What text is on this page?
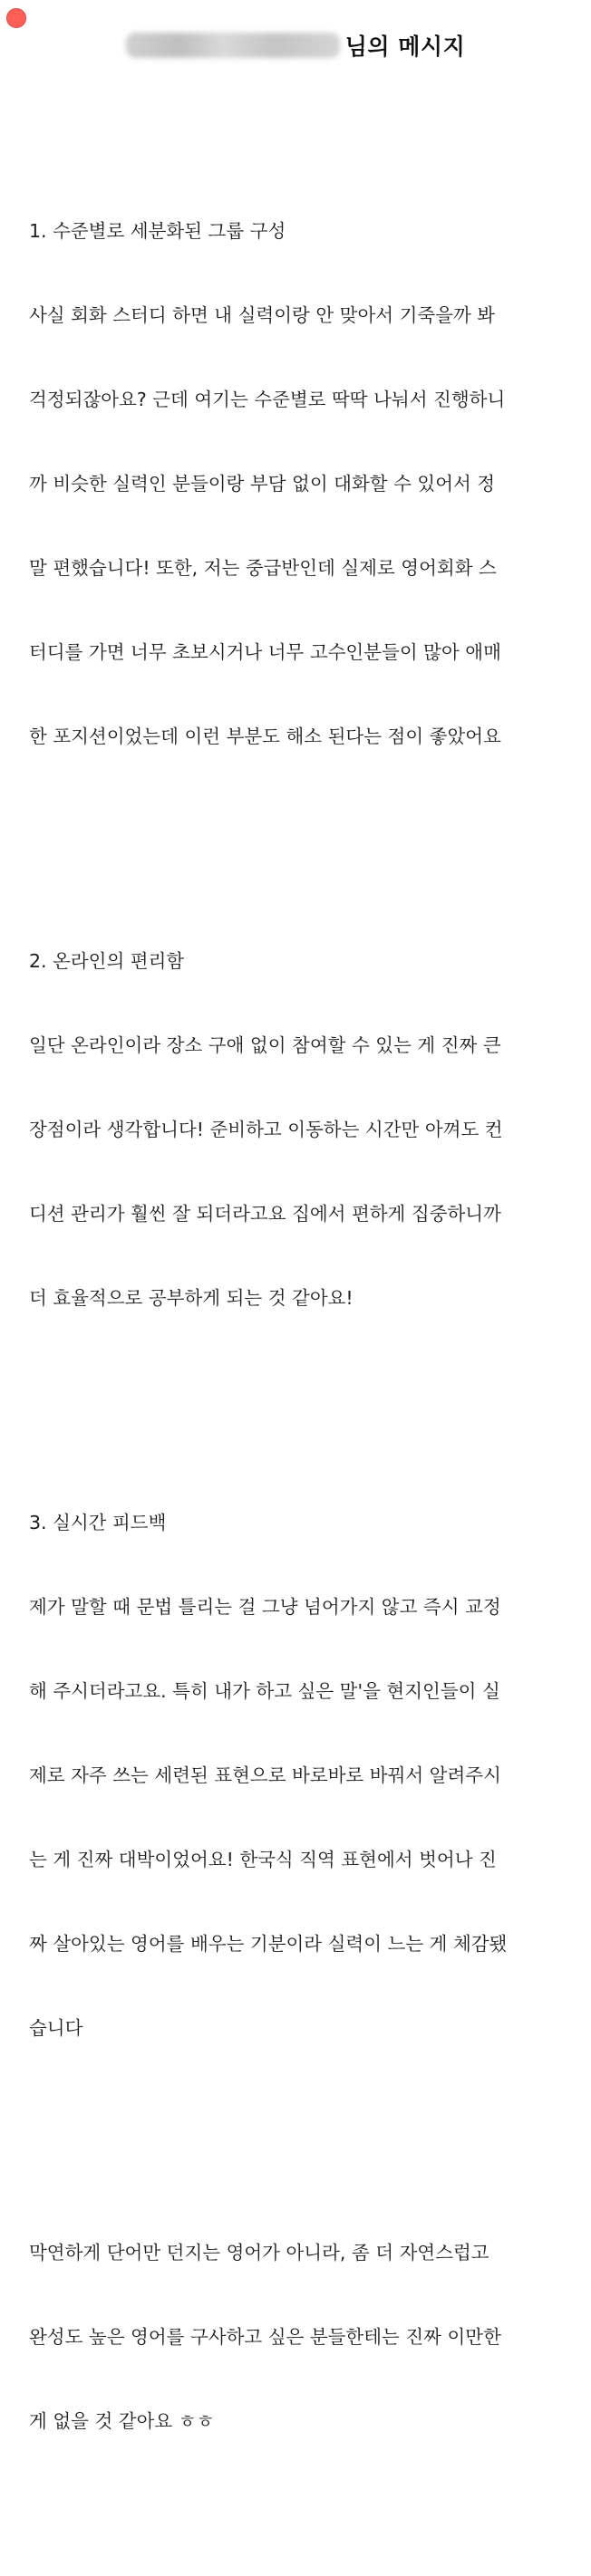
님의 메시지

1. 수준별로 세분화된 그룹 구성

사실 회화 스터디 하면 내 실력이랑 안 맞아서 기죽을까 봐

걱정되잖아요? 근데 여기는 수준별로 딱딱 나눠서 진행하니

까 비슷한 실력인 분들이랑 부담 없이 대화할 수 있어서 정

말 편했습니다! 또한, 저는 중급반인데 실제로 영어회화 스

터디를 가면 너무 초보시거나 너무 고수인분들이 많아 애매

한 포지션이었는데 이런 부분도 해소 된다는 점이 좋았어요

2. 온라인의 편리함

일단 온라인이라 장소 구애 없이 참여할 수 있는 게 진짜 큰

장점이라 생각합니다! 준비하고 이동하는 시간만 아껴도 컨

디션 관리가 훨씬 잘 되더라고요 집에서 편하게 집중하니까

더 효율적으로 공부하게 되는 것 같아요!

3. 실시간 피드백

제가 말할 때 문법 틀리는 걸 그냥 넘어가지 않고 즉시 교정

해 주시더라고요. 특히 내가 하고 싶은 말'을 현지인들이 실

제로 자주 쓰는 세련된 표현으로 바로바로 바꿔서 알려주시

는 게 진짜 대박이었어요! 한국식 직역 표현에서 벗어나 진

짜 살아있는 영어를 배우는 기분이라 실력이 느는 게 체감됐

습니다

막연하게 단어만 던지는 영어가 아니라, 좀 더 자연스럽고

완성도 높은 영어를 구사하고 싶은 분들한테는 진짜 이만한

게 없을 것 같아요 ㅎㅎ
